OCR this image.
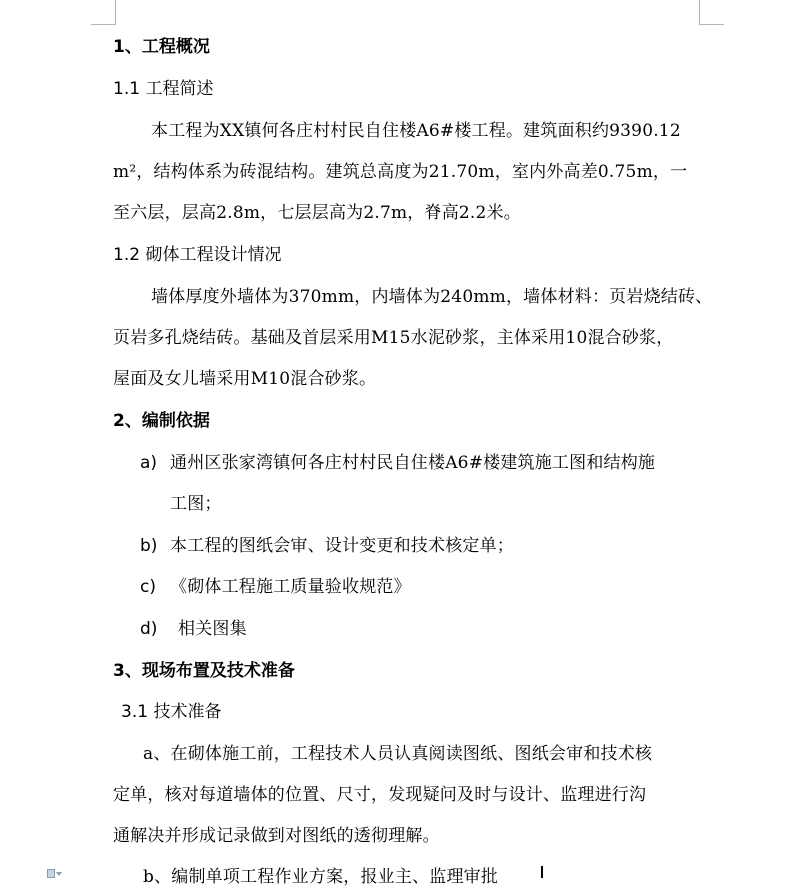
1、工程概况
1.1 工程简述
本工程为XX镇何各庄村村民自住楼A6#楼工程。建筑面积约9390.12
m²，结构体系为砖混结构。建筑总高度为21.70m，室内外高差0.75m，一
至六层，层高2.8m，七层层高为2.7m，脊高2.2米。
1.2 砌体工程设计情况
墙体厚度外墙体为370mm，内墙体为240mm，墙体材料：页岩烧结砖、
页岩多孔烧结砖。基础及首层采用M15水泥砂浆，主体采用10混合砂浆，
屋面及女儿墙采用M10混合砂浆。
2、编制依据
a) 通州区张家湾镇何各庄村村民自住楼A6#楼建筑施工图和结构施
工图；
b) 本工程的图纸会审、设计变更和技术核定单；
c) 《砌体工程施工质量验收规范》
d) 相关图集
3、现场布置及技术准备
3.1 技术准备
a、在砌体施工前，工程技术人员认真阅读图纸、图纸会审和技术核
定单，核对每道墙体的位置、尺寸，发现疑问及时与设计、监理进行沟
通解决并形成记录做到对图纸的透彻理解。
b、编制单项工程作业方案，报业主、监理审批
